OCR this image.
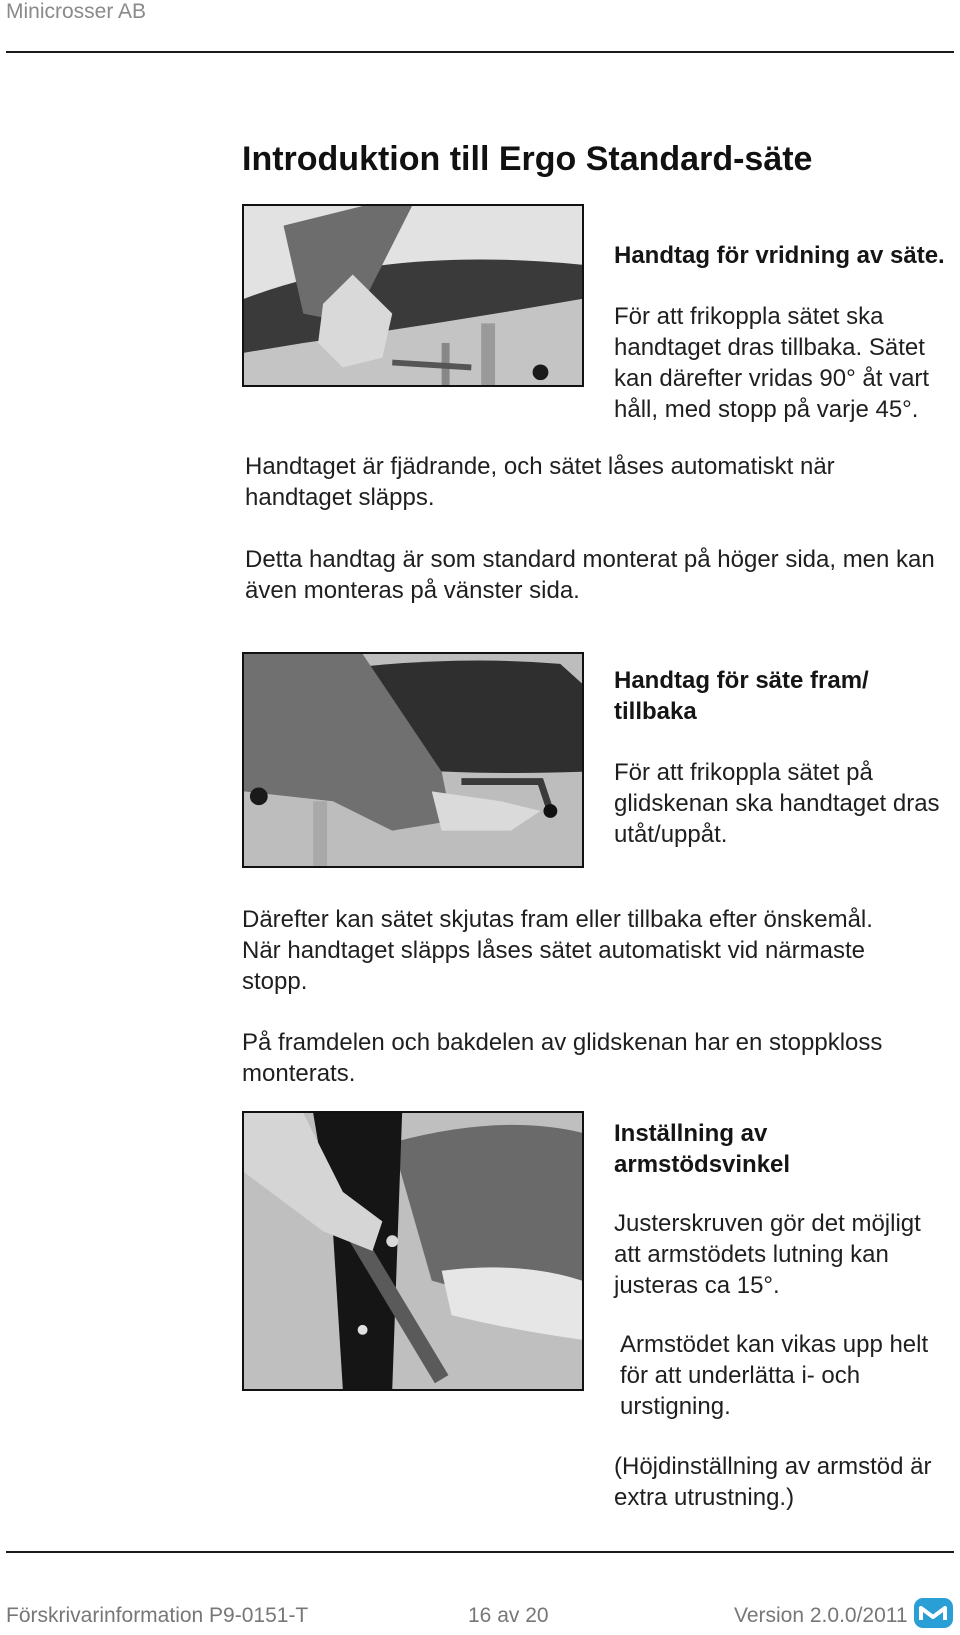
Minicrosser AB
Introduktion till Ergo Standard-säte
Handtag för vridning av säte.
För att frikoppla sätet ska handtaget dras tillbaka. Sätet kan därefter vridas 90° åt vart håll, med stopp på varje 45°.
Handtaget är fjädrande, och sätet låses automatiskt när handtaget släpps.
Detta handtag är som standard monterat på höger sida, men kan även monteras på vänster sida.
Handtag för säte fram/ tillbaka
För att frikoppla sätet på glidskenan ska handtaget dras utåt/uppåt.
Därefter kan sätet skjutas fram eller tillbaka efter önskemål. När handtaget släpps låses sätet automatiskt vid närmaste stopp.
På framdelen och bakdelen av glidskenan har en stoppkloss monterats.
Inställning av armstödsvinkel
Justerskruven gör det möjligt att armstödets lutning kan justeras ca 15°.
Armstödet kan vikas upp helt för att underlätta i- och urstigning.
(Höjdinställning av armstöd är extra utrustning.)
Förskrivarinformation P9-0151-T	16 av 20	Version 2.0.0/2011
